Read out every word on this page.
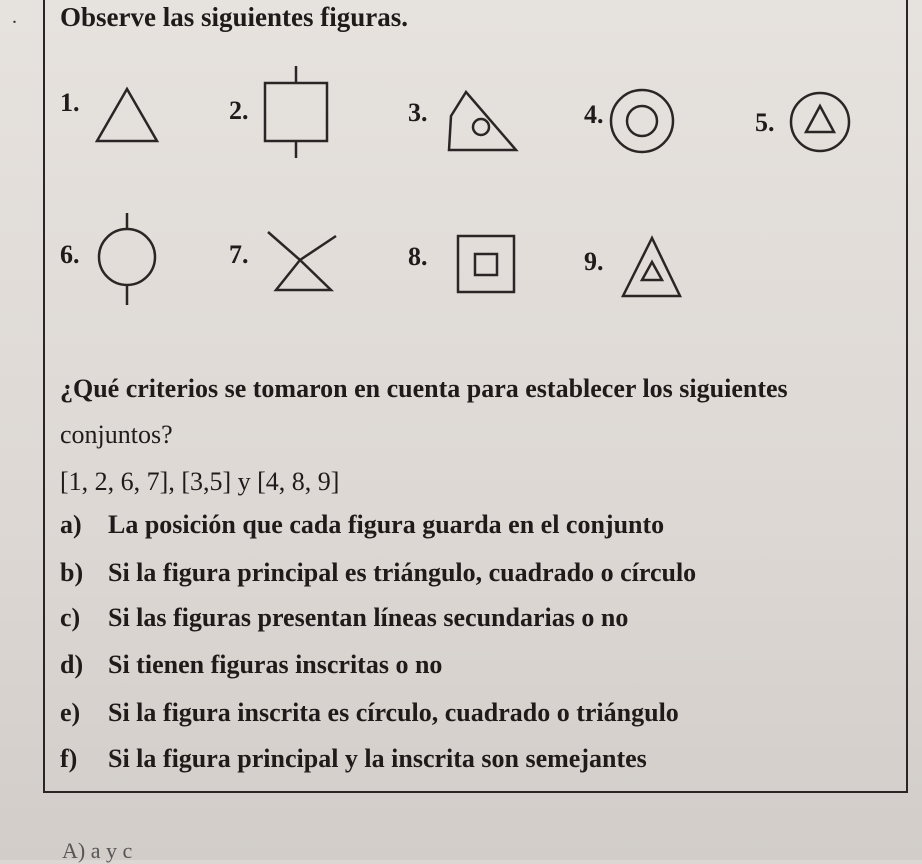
. Observe las siguientes figuras.
1.	2.	3.	4.	5.
6.	7.	8.	9.
¿Qué criterios se tomaron en cuenta para establecer los siguientes
conjuntos?
[1, 2, 6, 7], [3,5] y [4, 8, 9]
a) La posición que cada figura guarda en el conjunto
b) Si la figura principal es triángulo, cuadrado o círculo
c) Si las figuras presentan líneas secundarias o no
d) Si tienen figuras inscritas o no
e) Si la figura inscrita es círculo, cuadrado o triángulo
f) Si la figura principal y la inscrita son semejantes
A) a y c
